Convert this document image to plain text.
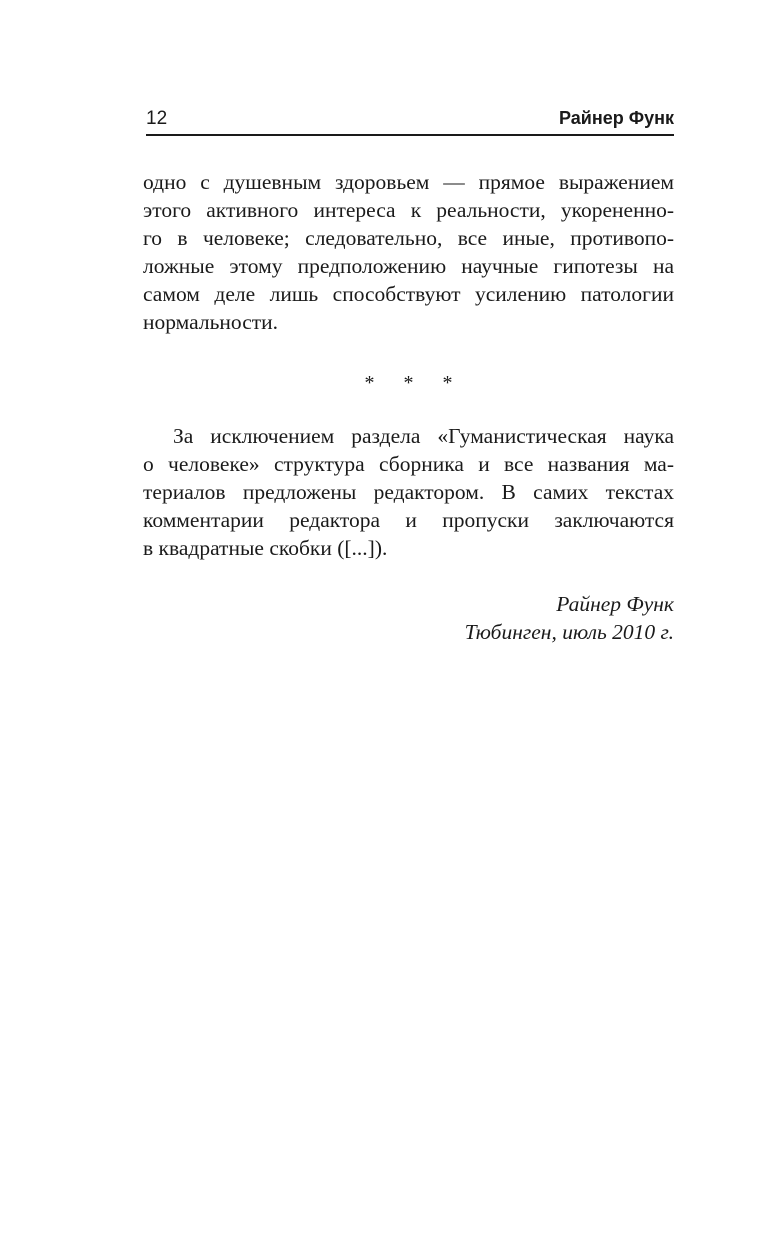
12	Райнер Функ
одно с душевным здоровьем — прямое выражением
этого активного интереса к реальности, укорененно-
го в человеке; следовательно, все иные, противопо-
ложные этому предположению научные гипотезы на
самом деле лишь способствуют усилению патологии
нормальности.
* * *
За исключением раздела «Гуманистическая наука
о человеке» структура сборника и все названия ма-
териалов предложены редактором. В самих текстах
комментарии редактора и пропуски заключаются
в квадратные скобки ([...]).
Райнер Функ
Тюбинген, июль 2010 г.
